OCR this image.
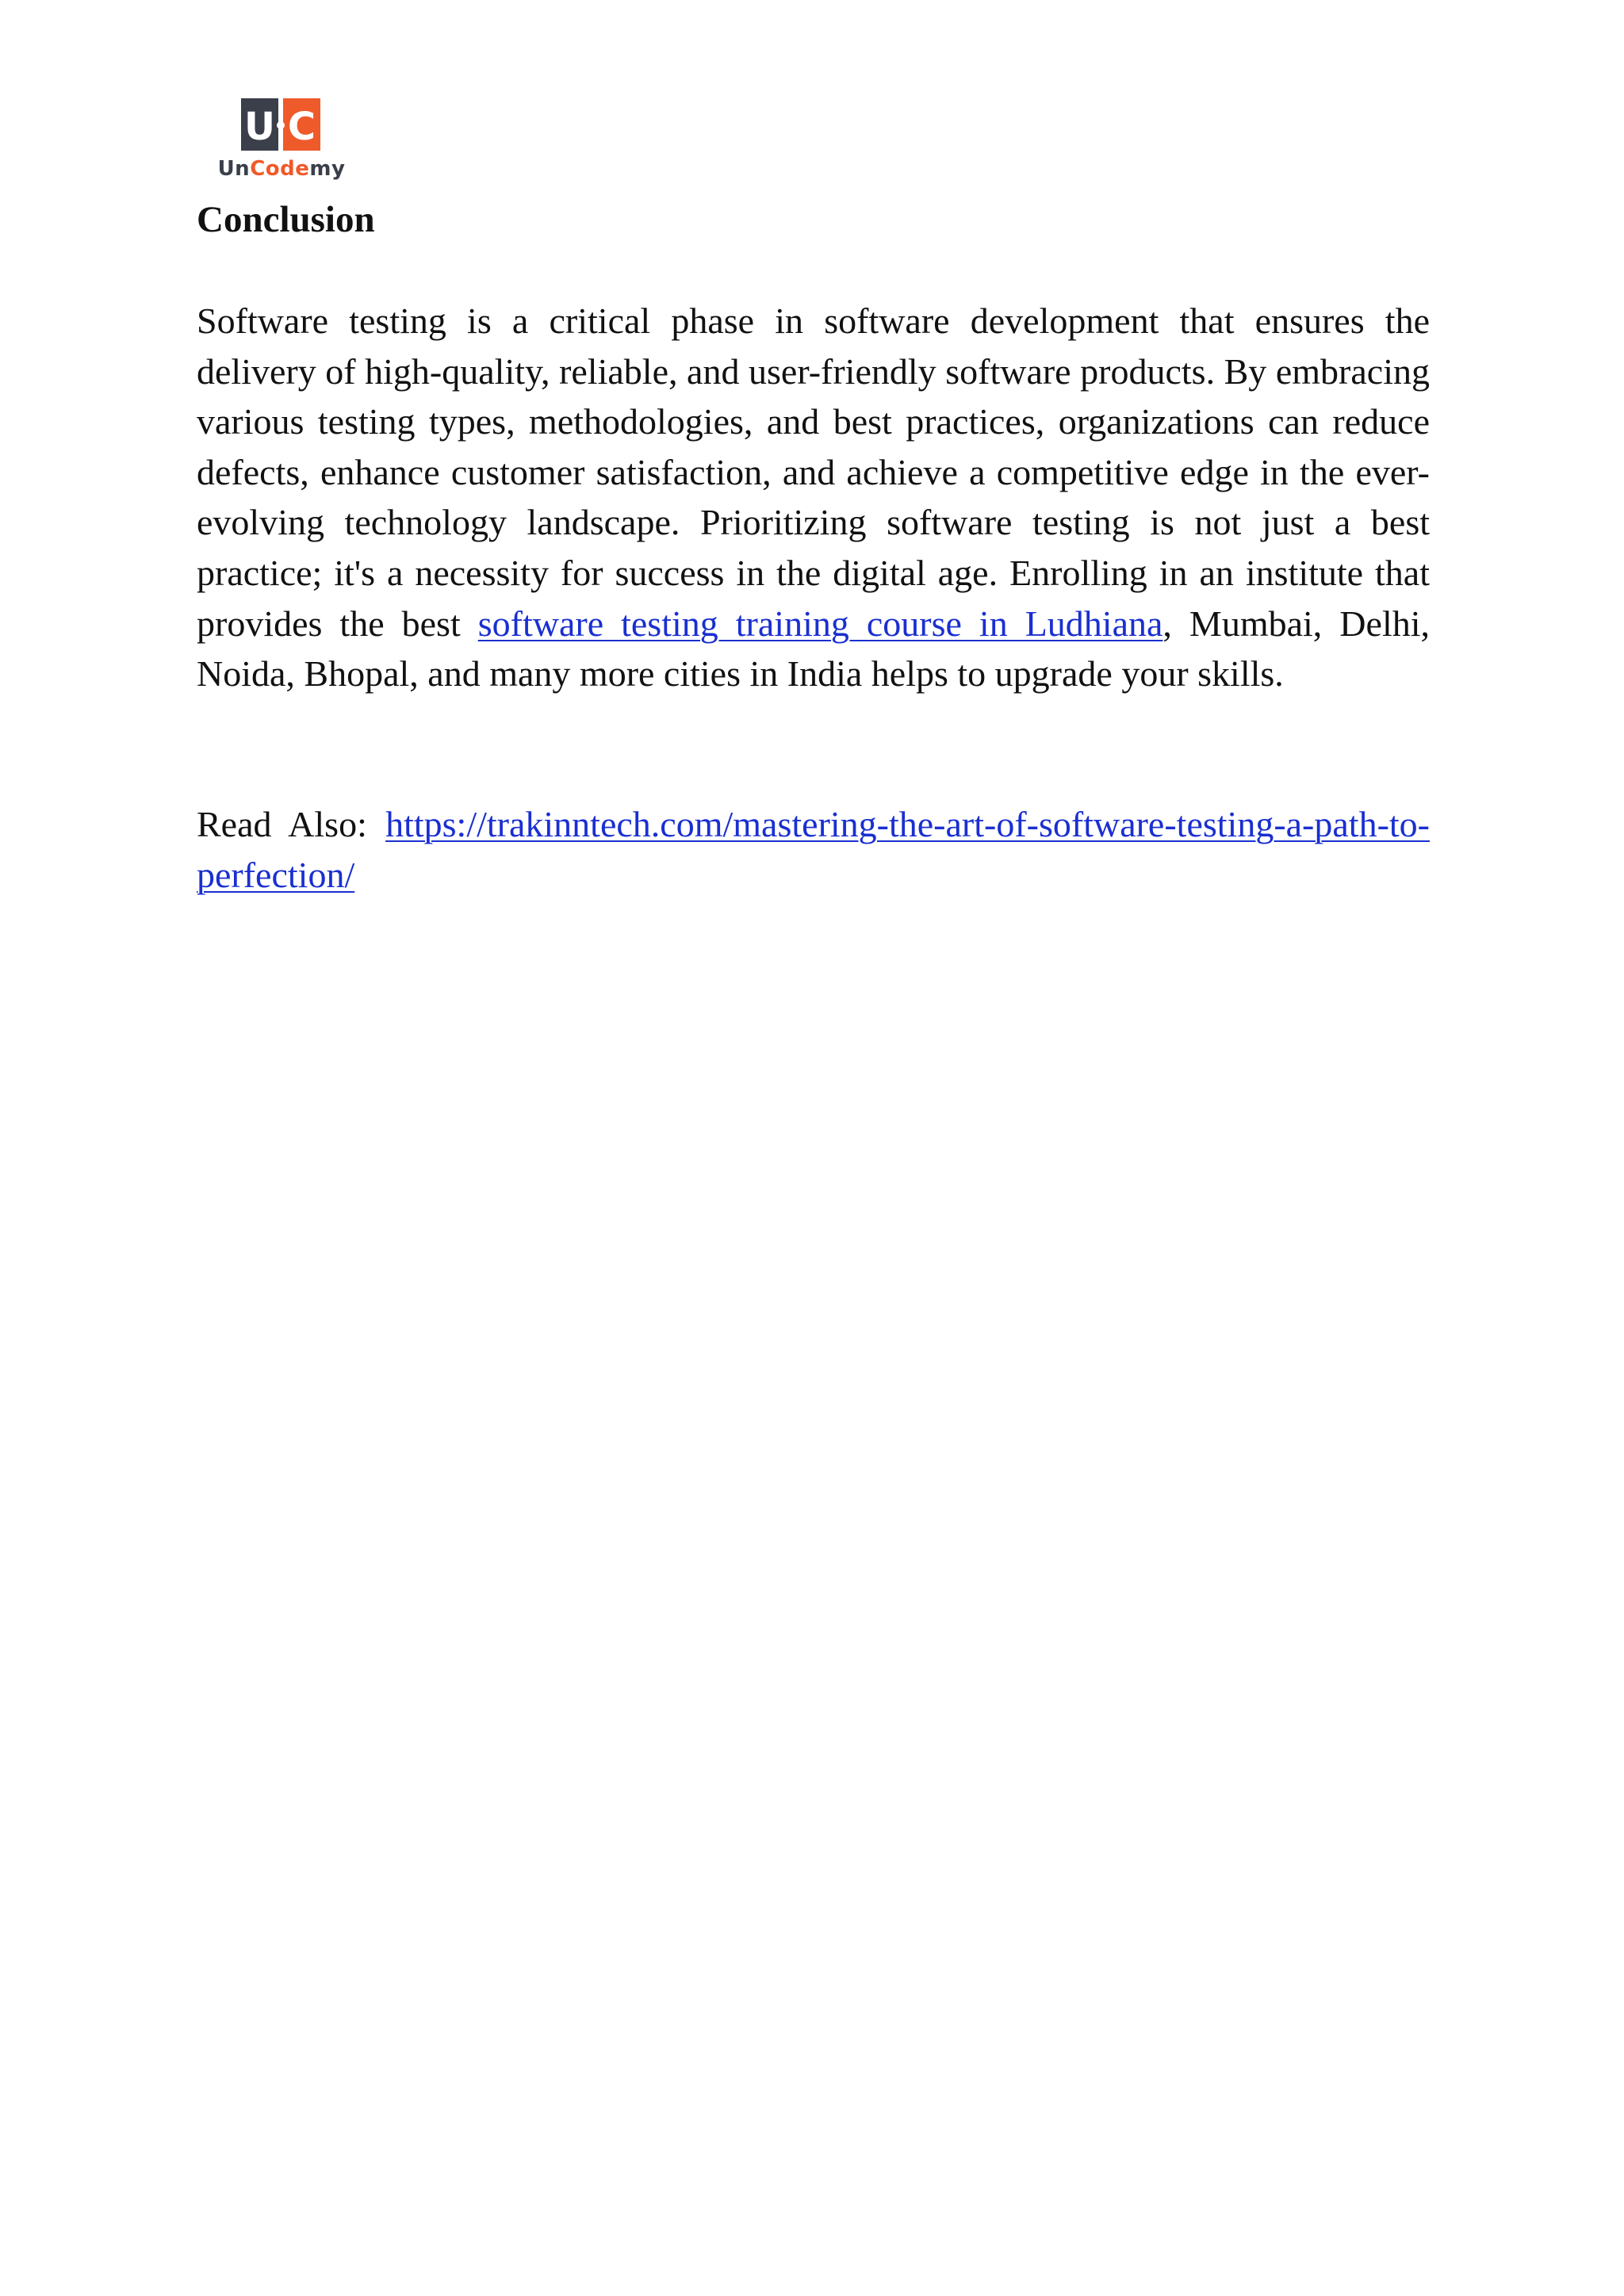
U C
UnCodemy
Conclusion

Software testing is a critical phase in software development that ensures the delivery of high-quality, reliable, and user-friendly software products. By embracing various testing types, methodologies, and best practices, organizations can reduce defects, enhance customer satisfaction, and achieve a competitive edge in the ever-evolving technology landscape. Prioritizing software testing is not just a best practice; it's a necessity for success in the digital age. Enrolling in an institute that provides the best software testing training course in Ludhiana, Mumbai, Delhi, Noida, Bhopal, and many more cities in India helps to upgrade your skills.

Read Also: https://trakinntech.com/mastering-the-art-of-software-testing-a-path-to-perfection/
